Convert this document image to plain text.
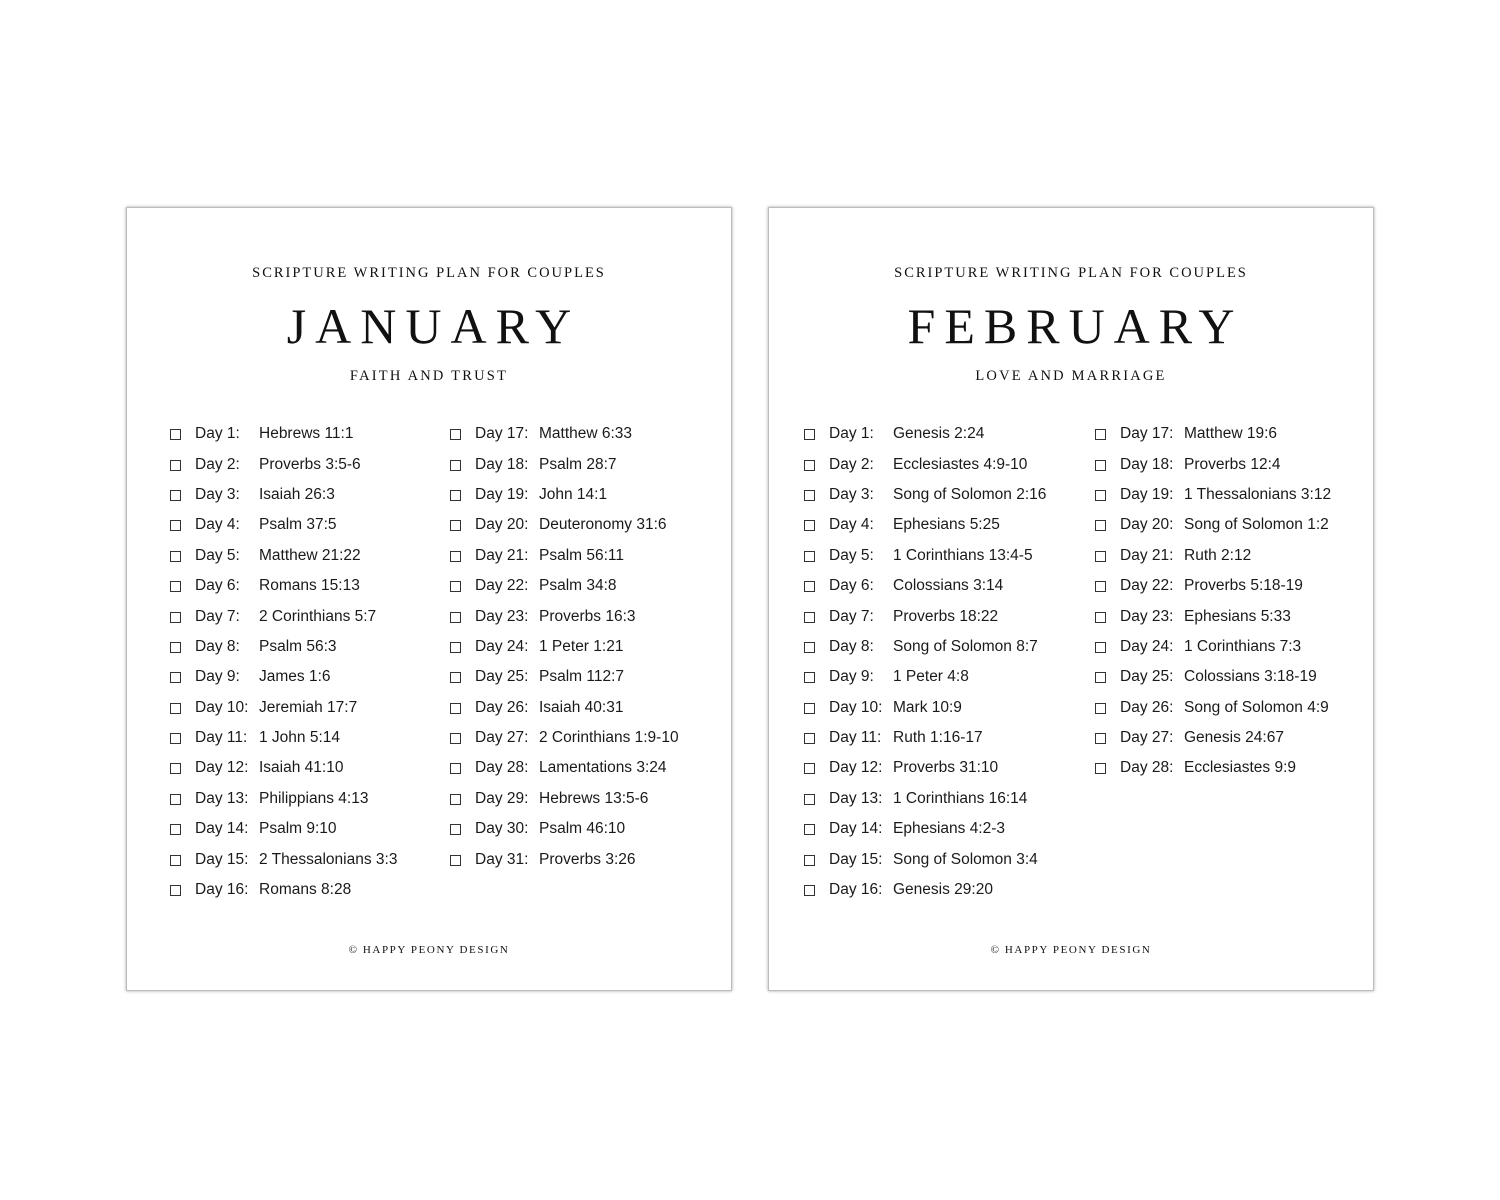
SCRIPTURE WRITING PLAN FOR COUPLES
JANUARY
FAITH AND TRUST
Day 1:	Hebrews 11:1
Day 2:	Proverbs 3:5-6
Day 3:	Isaiah 26:3
Day 4:	Psalm 37:5
Day 5:	Matthew 21:22
Day 6:	Romans 15:13
Day 7:	2 Corinthians 5:7
Day 8:	Psalm 56:3
Day 9:	James 1:6
Day 10: Jeremiah 17:7
Day 11: 1 John 5:14
Day 12: Isaiah 41:10
Day 13: Philippians 4:13
Day 14: Psalm 9:10
Day 15: 2 Thessalonians 3:3
Day 16: Romans 8:28
Day 17: Matthew 6:33
Day 18: Psalm 28:7
Day 19: John 14:1
Day 20: Deuteronomy 31:6
Day 21: Psalm 56:11
Day 22: Psalm 34:8
Day 23: Proverbs 16:3
Day 24: 1 Peter 1:21
Day 25: Psalm 112:7
Day 26: Isaiah 40:31
Day 27: 2 Corinthians 1:9-10
Day 28: Lamentations 3:24
Day 29: Hebrews 13:5-6
Day 30: Psalm 46:10
Day 31: Proverbs 3:26
© HAPPY PEONY DESIGN
SCRIPTURE WRITING PLAN FOR COUPLES
FEBRUARY
LOVE AND MARRIAGE
Day 1:	Genesis 2:24
Day 2:	Ecclesiastes 4:9-10
Day 3:	Song of Solomon 2:16
Day 4:	Ephesians 5:25
Day 5:	1 Corinthians 13:4-5
Day 6:	Colossians 3:14
Day 7:	Proverbs 18:22
Day 8:	Song of Solomon 8:7
Day 9:	1 Peter 4:8
Day 10: Mark 10:9
Day 11: Ruth 1:16-17
Day 12: Proverbs 31:10
Day 13: 1 Corinthians 16:14
Day 14: Ephesians 4:2-3
Day 15: Song of Solomon 3:4
Day 16: Genesis 29:20
Day 17: Matthew 19:6
Day 18: Proverbs 12:4
Day 19: 1 Thessalonians 3:12
Day 20: Song of Solomon 1:2
Day 21: Ruth 2:12
Day 22: Proverbs 5:18-19
Day 23: Ephesians 5:33
Day 24: 1 Corinthians 7:3
Day 25: Colossians 3:18-19
Day 26: Song of Solomon 4:9
Day 27: Genesis 24:67
Day 28: Ecclesiastes 9:9
© HAPPY PEONY DESIGN
